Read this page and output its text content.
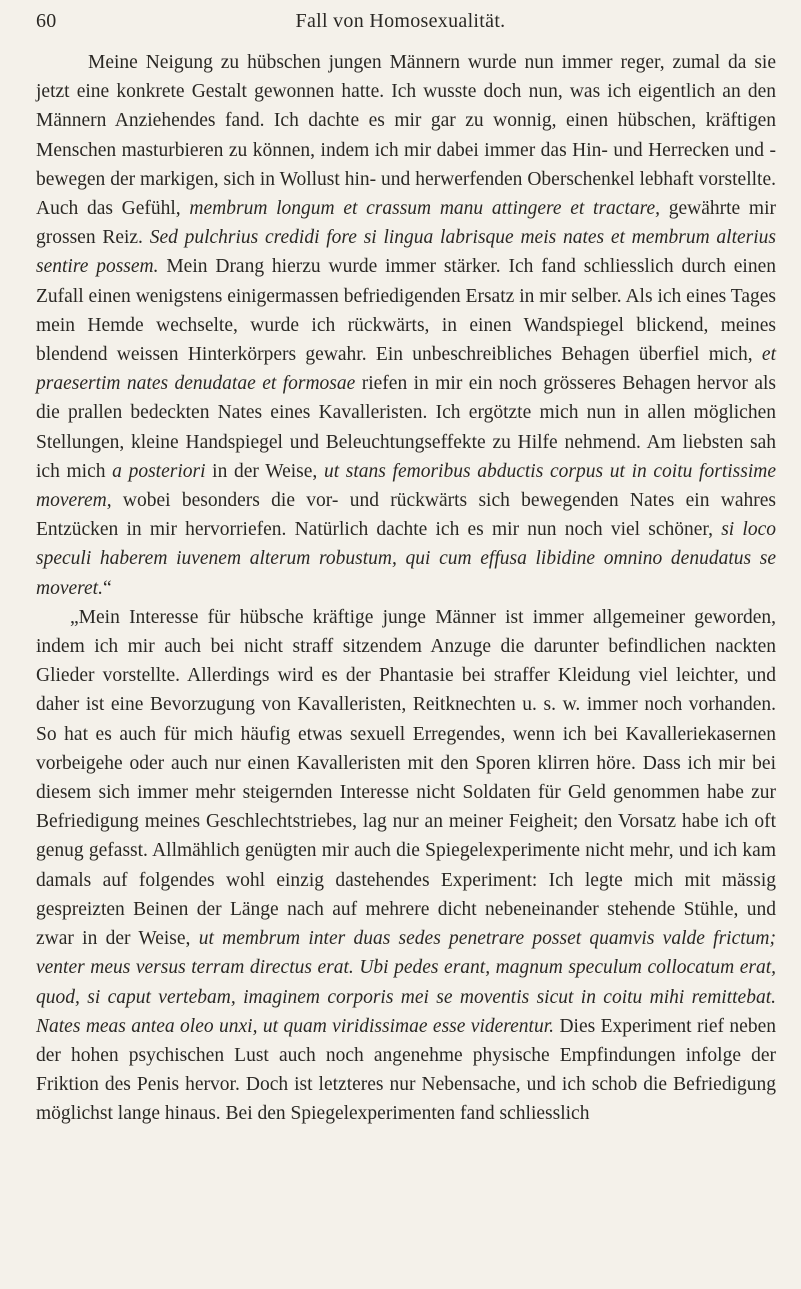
60	Fall von Homosexualität.

Meine Neigung zu hübschen jungen Männern wurde nun immer reger, zumal da sie jetzt eine konkrete Gestalt gewonnen hatte. Ich wusste doch nun, was ich eigentlich an den Männern Anziehendes fand. Ich dachte es mir gar zu wonnig, einen hübschen, kräftigen Menschen masturbieren zu können, indem ich mir dabei immer das Hin- und Herrecken und -bewegen der markigen, sich in Wollust hin- und herwerfenden Oberschenkel lebhaft vorstellte. Auch das Gefühl, membrum longum et crassum manu attingere et tractare, gewährte mir grossen Reiz. Sed pulchrius credidi fore si lingua labrisque meis nates et membrum alterius sentire possem. Mein Drang hierzu wurde immer stärker. Ich fand schliesslich durch einen Zufall einen wenigstens einigermassen befriedigenden Ersatz in mir selber. Als ich eines Tages mein Hemde wechselte, wurde ich rückwärts, in einen Wandspiegel blickend, meines blendend weissen Hinterkörpers gewahr. Ein unbeschreibliches Behagen überfiel mich, et praesertim nates denudatae et formosae riefen in mir ein noch grösseres Behagen hervor als die prallen bedeckten Nates eines Kavalleristen. Ich ergötzte mich nun in allen möglichen Stellungen, kleine Handspiegel und Beleuchtungseffekte zu Hilfe nehmend. Am liebsten sah ich mich a posteriori in der Weise, ut stans femoribus abductis corpus ut in coitu fortissime moverem, wobei besonders die vor- und rückwärts sich bewegenden Nates ein wahres Entzücken in mir hervorriefen. Natürlich dachte ich es mir nun noch viel schöner, si loco speculi haberem iuvenem alterum robustum, qui cum effusa libidine omnino denudatus se moveret.“

„Mein Interesse für hübsche kräftige junge Männer ist immer allgemeiner geworden, indem ich mir auch bei nicht straff sitzendem Anzuge die darunter befindlichen nackten Glieder vorstellte. Allerdings wird es der Phantasie bei straffer Kleidung viel leichter, und daher ist eine Bevorzugung von Kavalleristen, Reitknechten u. s. w. immer noch vorhanden. So hat es auch für mich häufig etwas sexuell Erregendes, wenn ich bei Kavalleriekasernen vorbeigehe oder auch nur einen Kavalleristen mit den Sporen klirren höre. Dass ich mir bei diesem sich immer mehr steigernden Interesse nicht Soldaten für Geld genommen habe zur Befriedigung meines Geschlechtstriebes, lag nur an meiner Feigheit; den Vorsatz habe ich oft genug gefasst. Allmählich genügten mir auch die Spiegelexperimente nicht mehr, und ich kam damals auf folgendes wohl einzig dastehendes Experiment: Ich legte mich mit mässig gespreizten Beinen der Länge nach auf mehrere dicht nebeneinander stehende Stühle, und zwar in der Weise, ut membrum inter duas sedes penetrare posset quamvis valde frictum; venter meus versus terram directus erat. Ubi pedes erant, magnum speculum collocatum erat, quod, si caput vertebam, imaginem corporis mei se moventis sicut in coitu mihi remittebat. Nates meas antea oleo unxi, ut quam viridissimae esse viderentur. Dies Experiment rief neben der hohen psychischen Lust auch noch angenehme physische Empfindungen infolge der Friktion des Penis hervor. Doch ist letzteres nur Nebensache, und ich schob die Befriedigung möglichst lange hinaus. Bei den Spiegelexperimenten fand schliesslich
